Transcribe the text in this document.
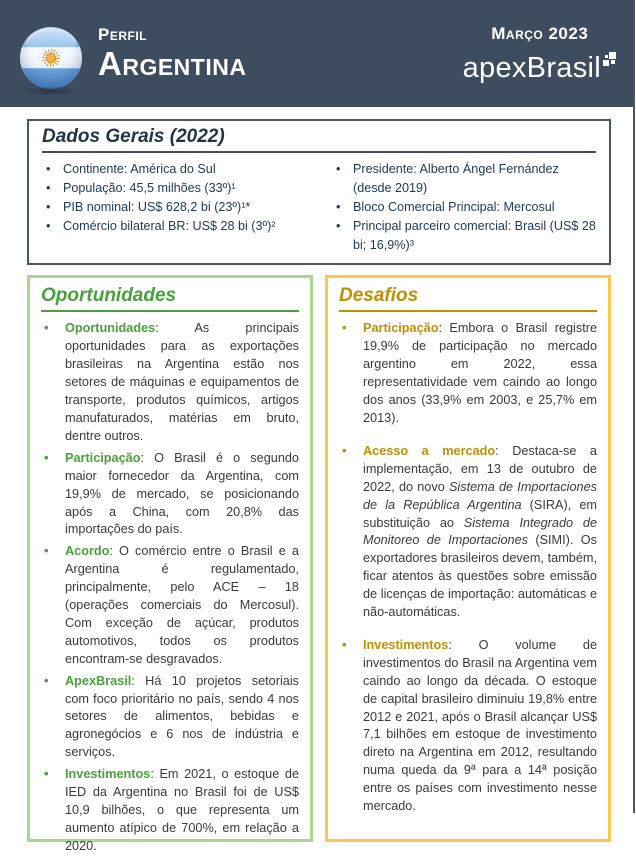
Perfil
Argentina
Março 2023
apexBrasil
Dados Gerais (2022)
• Continente: América do Sul
• População: 45,5 milhões (33º)¹
• PIB nominal: US$ 628,2 bi (23º)¹*
• Comércio bilateral BR: US$ 28 bi (3º)²
• Presidente: Alberto Ángel Fernández (desde 2019)
• Bloco Comercial Principal: Mercosul
• Principal parceiro comercial: Brasil (US$ 28 bi; 16,9%)³
Oportunidades
•	Oportunidades: As principais oportunidades para as exportações brasileiras na Argentina estão nos setores de máquinas e equipamentos de transporte, produtos químicos, artigos manufaturados, matérias em bruto, dentre outros.

•	Participação: O Brasil é o segundo maior fornecedor da Argentina, com 19,9% de mercado, se posicionando após a China, com 20,8% das importações do país.

•	Acordo: O comércio entre o Brasil e a Argentina é regulamentado, principalmente, pelo ACE – 18 (operações comerciais do Mercosul). Com exceção de açúcar, produtos automotivos, todos os produtos encontram-se desgravados.

•	ApexBrasil: Há 10 projetos setoriais com foco prioritário no país, sendo 4 nos setores de alimentos, bebidas e agronegócios e 6 nos de indústria e serviços.

•	Investimentos: Em 2021, o estoque de IED da Argentina no Brasil foi de US$ 10,9 bilhões, o que representa um aumento atípico de 700%, em relação a 2020.

Desafios
•	Participação: Embora o Brasil registre 19,9% de participação no mercado argentino em 2022, essa representatividade vem caindo ao longo dos anos (33,9% em 2003, e 25,7% em 2013).

•	Acesso a mercado: Destaca-se a implementação, em 13 de outubro de 2022, do novo Sistema de Importaciones de la República Argentina (SIRA), em substituição ao Sistema Integrado de Monitoreo de Importaciones (SIMI). Os exportadores brasileiros devem, também, ficar atentos às questões sobre emissão de licenças de importação: automáticas e não-automáticas.

•	Investimentos: O volume de investimentos do Brasil na Argentina vem caindo ao longo da década. O estoque de capital brasileiro diminuiu 19,8% entre 2012 e 2021, após o Brasil alcançar US$ 7,1 bilhões em estoque de investimento direto na Argentina em 2012, resultando numa queda da 9ª para a 14ª posição entre os países com investimento nesse mercado.
